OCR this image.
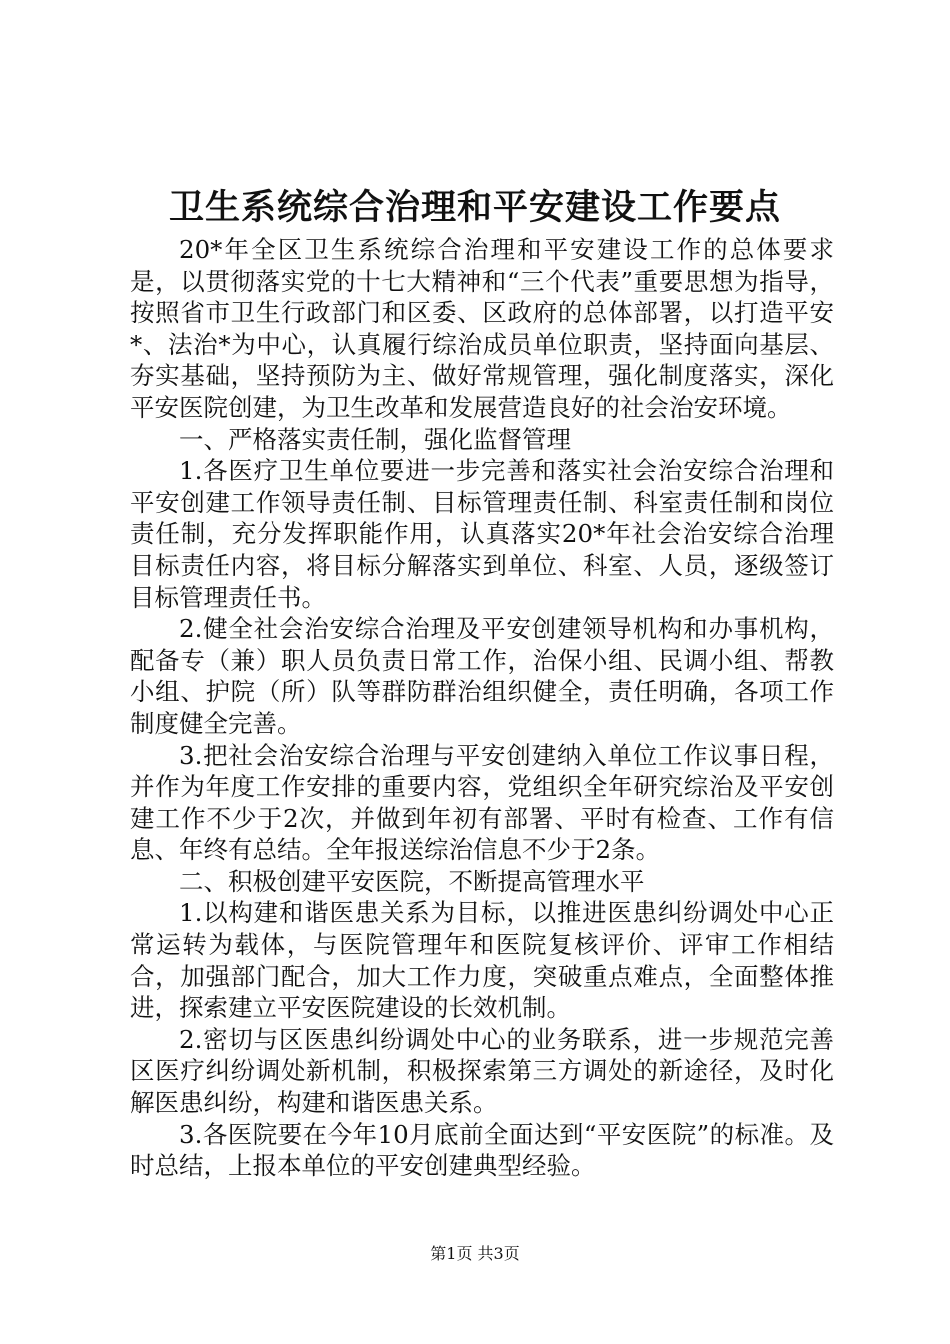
卫生系统综合治理和平安建设工作要点

20*年全区卫生系统综合治理和平安建设工作的总体要求是，以贯彻落实党的十七大精神和“三个代表”重要思想为指导，按照省市卫生行政部门和区委、区政府的总体部署，以打造平安*、法治*为中心，认真履行综治成员单位职责，坚持面向基层、夯实基础，坚持预防为主、做好常规管理，强化制度落实，深化平安医院创建，为卫生改革和发展营造良好的社会治安环境。

一、严格落实责任制，强化监督管理

1.各医疗卫生单位要进一步完善和落实社会治安综合治理和平安创建工作领导责任制、目标管理责任制、科室责任制和岗位责任制，充分发挥职能作用，认真落实20*年社会治安综合治理目标责任内容，将目标分解落实到单位、科室、人员，逐级签订目标管理责任书。

2.健全社会治安综合治理及平安创建领导机构和办事机构，配备专（兼）职人员负责日常工作，治保小组、民调小组、帮教小组、护院（所）队等群防群治组织健全，责任明确，各项工作制度健全完善。

3.把社会治安综合治理与平安创建纳入单位工作议事日程，并作为年度工作安排的重要内容，党组织全年研究综治及平安创建工作不少于2次，并做到年初有部署、平时有检查、工作有信息、年终有总结。全年报送综治信息不少于2条。

二、积极创建平安医院，不断提高管理水平

1.以构建和谐医患关系为目标，以推进医患纠纷调处中心正常运转为载体，与医院管理年和医院复核评价、评审工作相结合，加强部门配合，加大工作力度，突破重点难点，全面整体推进，探索建立平安医院建设的长效机制。

2.密切与区医患纠纷调处中心的业务联系，进一步规范完善区医疗纠纷调处新机制，积极探索第三方调处的新途径，及时化解医患纠纷，构建和谐医患关系。

3.各医院要在今年10月底前全面达到“平安医院”的标准。及时总结，上报本单位的平安创建典型经验。

第1页 共3页
